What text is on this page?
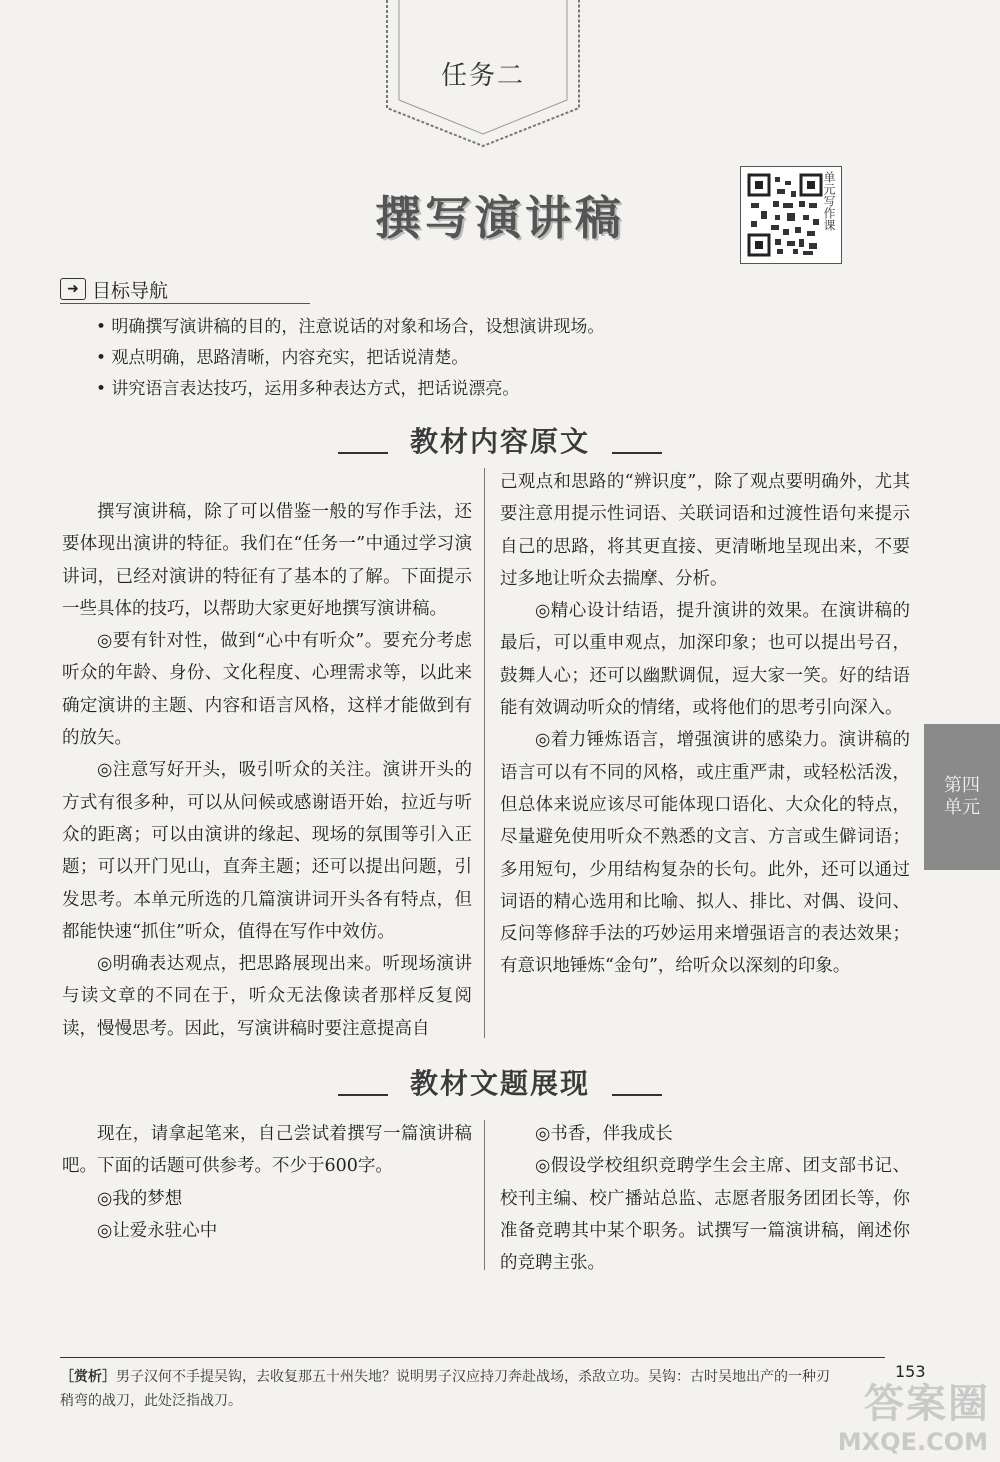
任务二
撰写演讲稿	单元写作课
➜ 目标导航
• 明确撰写演讲稿的目的，注意说话的对象和场合，设想演讲现场。
• 观点明确，思路清晰，内容充实，把话说清楚。
• 讲究语言表达技巧，运用多种表达方式，把话说漂亮。
教材内容原文

撰写演讲稿，除了可以借鉴一般的写作手法，还要体现出演讲的特征。我们在“任务一”中通过学习演讲词，已经对演讲的特征有了基本的了解。下面提示一些具体的技巧，以帮助大家更好地撰写演讲稿。

◎要有针对性，做到“心中有听众”。要充分考虑听众的年龄、身份、文化程度、心理需求等，以此来确定演讲的主题、内容和语言风格，这样才能做到有的放矢。

◎注意写好开头，吸引听众的关注。演讲开头的方式有很多种，可以从问候或感谢语开始，拉近与听众的距离；可以由演讲的缘起、现场的氛围等引入正题；可以开门见山，直奔主题；还可以提出问题，引发思考。本单元所选的几篇演讲词开头各有特点，但都能快速“抓住”听众，值得在写作中效仿。

◎明确表达观点，把思路展现出来。听现场演讲与读文章的不同在于，听众无法像读者那样反复阅读，慢慢思考。因此，写演讲稿时要注意提高自

己观点和思路的“辨识度”，除了观点要明确外，尤其要注意用提示性词语、关联词语和过渡性语句来提示自己的思路，将其更直接、更清晰地呈现出来，不要过多地让听众去揣摩、分析。

◎精心设计结语，提升演讲的效果。在演讲稿的最后，可以重申观点，加深印象；也可以提出号召，鼓舞人心；还可以幽默调侃，逗大家一笑。好的结语能有效调动听众的情绪，或将他们的思考引向深入。

◎着力锤炼语言，增强演讲的感染力。演讲稿的语言可以有不同的风格，或庄重严肃，或轻松活泼，但总体来说应该尽可能体现口语化、大众化的特点，尽量避免使用听众不熟悉的文言、方言或生僻词语；多用短句，少用结构复杂的长句。此外，还可以通过词语的精心选用和比喻、拟人、排比、对偶、设问、反问等修辞手法的巧妙运用来增强语言的表达效果；有意识地锤炼“金句”，给听众以深刻的印象。

第四单元
教材文题展现

现在，请拿起笔来，自己尝试着撰写一篇演讲稿吧。下面的话题可供参考。不少于600字。

◎我的梦想

◎让爱永驻心中

◎书香，伴我成长

◎假设学校组织竞聘学生会主席、团支部书记、校刊主编、校广播站总监、志愿者服务团团长等，你准备竞聘其中某个职务。试撰写一篇演讲稿，阐述你的竞聘主张。

153
［赏析］男子汉何不手提吴钩，去收复那五十州失地？说明男子汉应持刀奔赴战场，杀敌立功。吴钩：古时吴地出产的一种刃稍弯的战刀，此处泛指战刀。	答案圈
MXQE.COM
